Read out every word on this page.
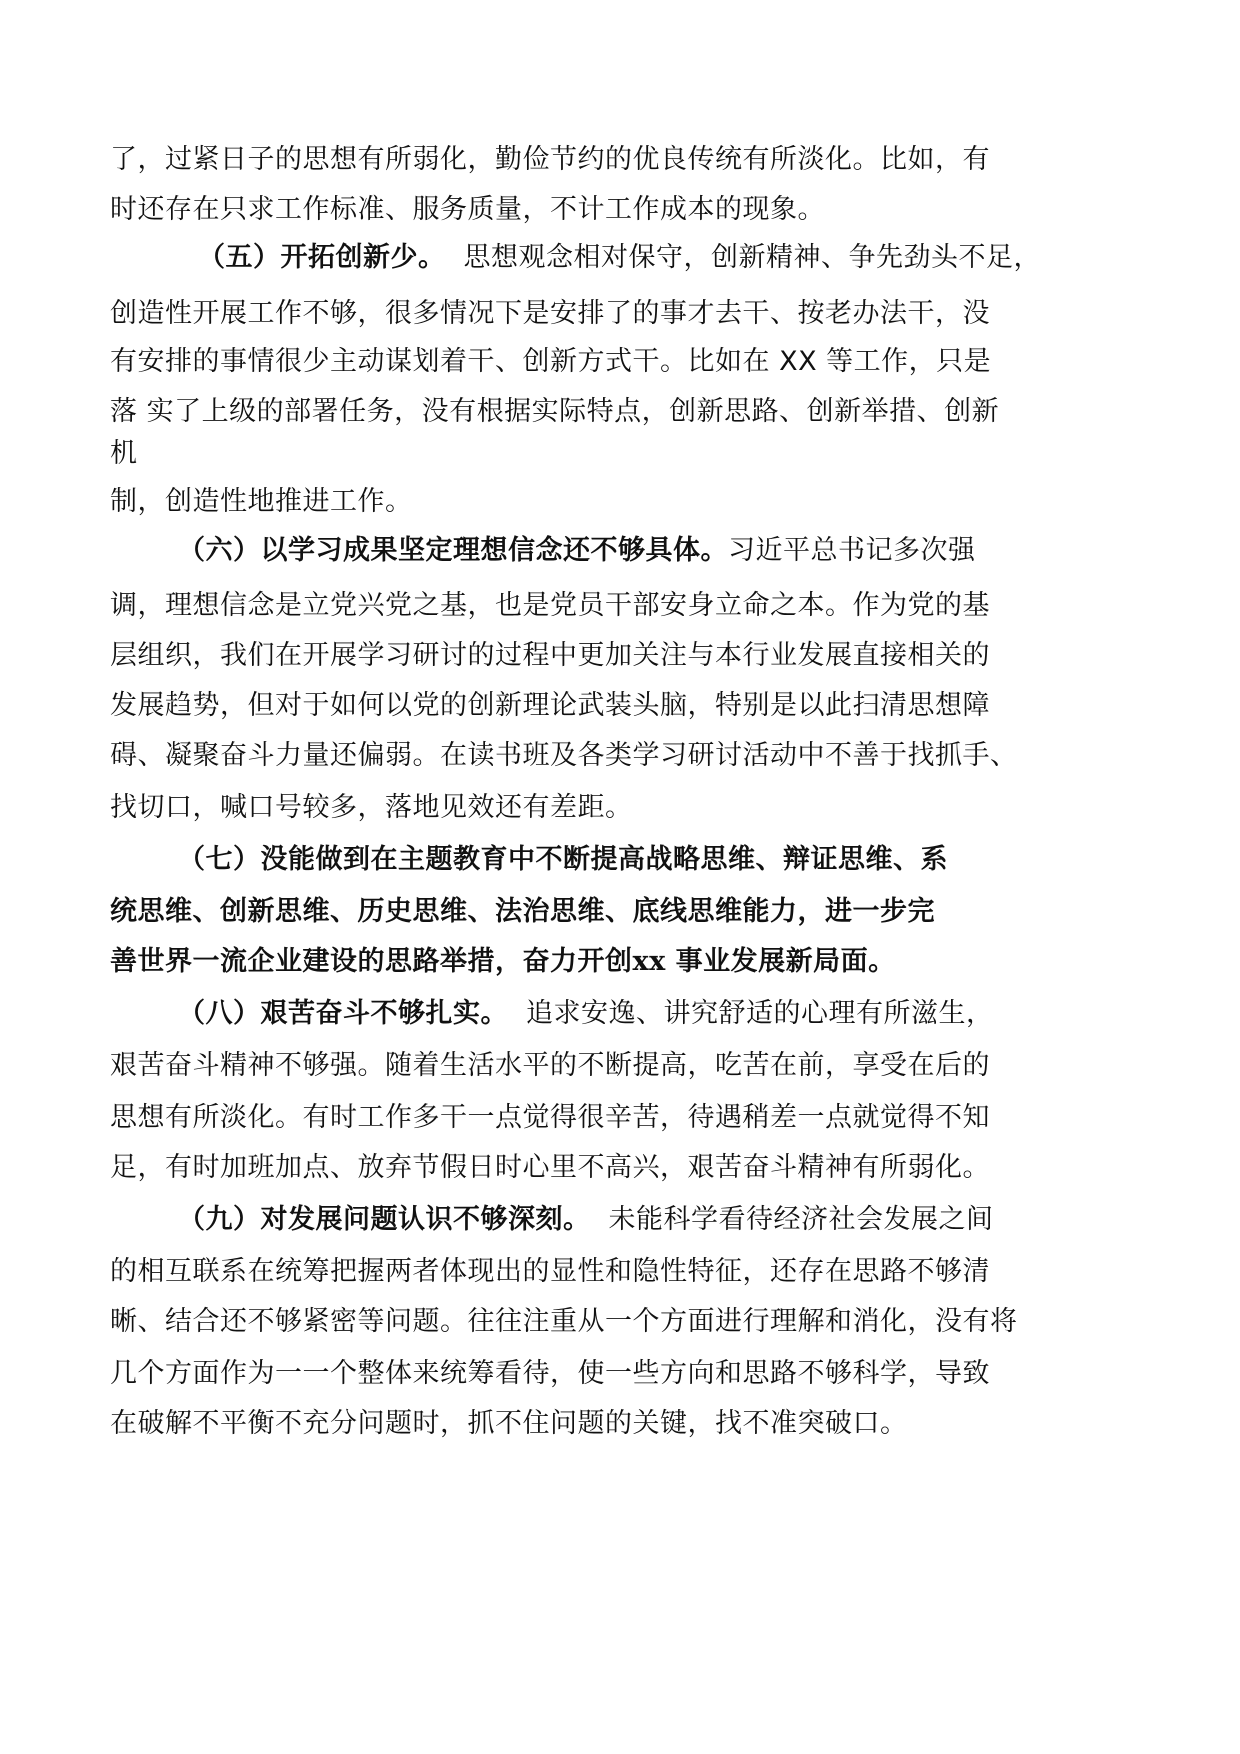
了，过紧日子的思想有所弱化，勤俭节约的优良传统有所淡化。比如，有
时还存在只求工作标准、服务质量，不计工作成本的现象。
（五）开拓创新少。 思想观念相对保守，创新精神、争先劲头不足，
创造性开展工作不够，很多情况下是安排了的事才去干、按老办法干，没
有安排的事情很少主动谋划着干、创新方式干。比如在 XX 等工作，只是
落 实了上级的部署任务，没有根据实际特点，创新思路、创新举措、创新
机
制，创造性地推进工作。
（六）以学习成果坚定理想信念还不够具体。习近平总书记多次强
调，理想信念是立党兴党之基，也是党员干部安身立命之本。作为党的基
层组织，我们在开展学习研讨的过程中更加关注与本行业发展直接相关的
发展趋势，但对于如何以党的创新理论武装头脑，特别是以此扫清思想障
碍、凝聚奋斗力量还偏弱。在读书班及各类学习研讨活动中不善于找抓手、
找切口，喊口号较多，落地见效还有差距。
（七）没能做到在主题教育中不断提高战略思维、辩证思维、系
统思维、创新思维、历史思维、法治思维、底线思维能力，进一步完
善世界一流企业建设的思路举措，奋力开创xx 事业发展新局面。
（八）艰苦奋斗不够扎实。 追求安逸、讲究舒适的心理有所滋生，
艰苦奋斗精神不够强。随着生活水平的不断提高，吃苦在前，享受在后的
思想有所淡化。有时工作多干一点觉得很辛苦，待遇稍差一点就觉得不知
足，有时加班加点、放弃节假日时心里不高兴，艰苦奋斗精神有所弱化。
（九）对发展问题认识不够深刻。 未能科学看待经济社会发展之间
的相互联系在统筹把握两者体现出的显性和隐性特征，还存在思路不够清
晰、结合还不够紧密等问题。往往注重从一个方面进行理解和消化，没有将
几个方面作为一一个整体来统筹看待，使一些方向和思路不够科学，导致
在破解不平衡不充分问题时，抓不住问题的关键，找不准突破口。
